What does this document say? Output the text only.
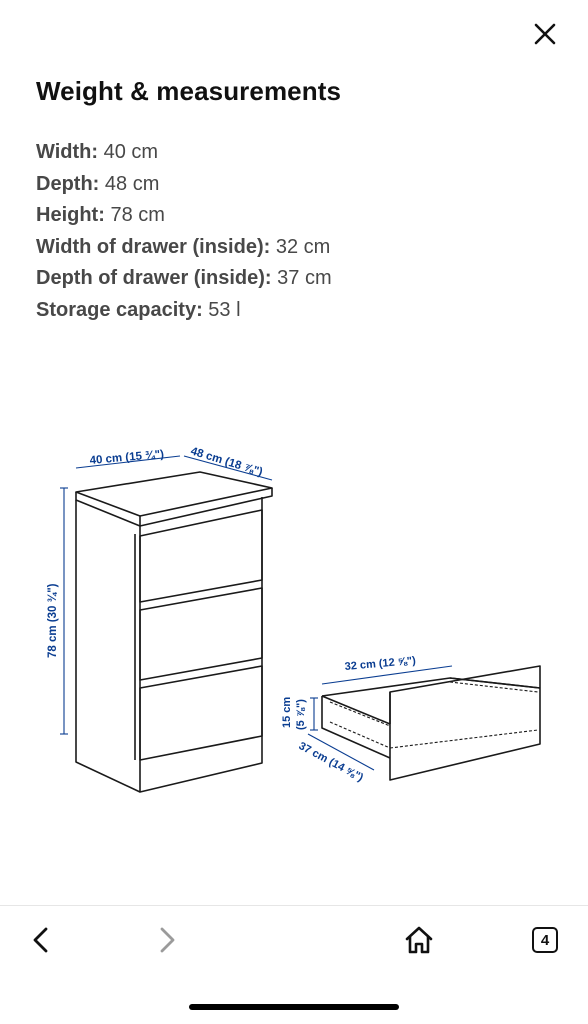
Weight & measurements
Width: 40 cm
Depth: 48 cm
Height: 78 cm
Width of drawer (inside): 32 cm
Depth of drawer (inside): 37 cm
Storage capacity: 53 l
40 cm (15 ¾") 48 cm (18 ⅞")
78 cm (30 ¾")
32 cm (12 ⅝")
15 cm (5 ⅞")
37 cm (14 ⅝")
4
